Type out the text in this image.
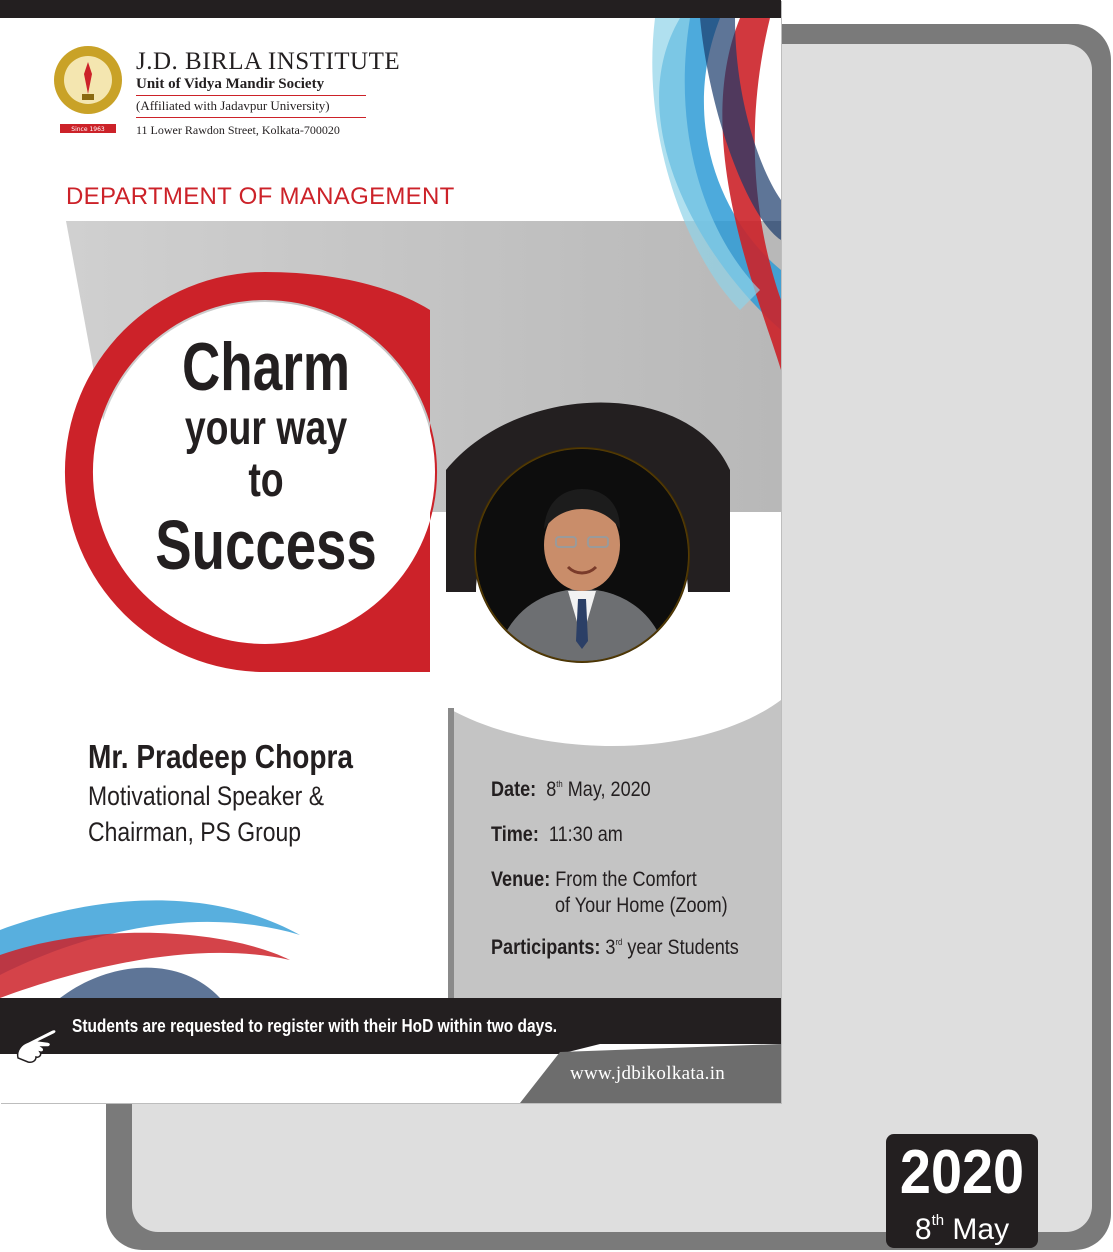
Since 1963
J.D. BIRLA INSTITUTE
Unit of Vidya Mandir Society
(Affiliated with Jadavpur University)
11 Lower Rawdon Street, Kolkata-700020
DEPARTMENT OF MANAGEMENT
Charm
your way
to
Success
Mr. Pradeep Chopra
Motivational Speaker &
Chairman, PS Group
Date: 8th May, 2020
Time: 11:30 am
Venue: From the Comfort
of Your Home (Zoom)
Participants: 3rd year Students
Students are requested to register with their HoD within two days.
www.jdbikolkata.in
2020
8th May
